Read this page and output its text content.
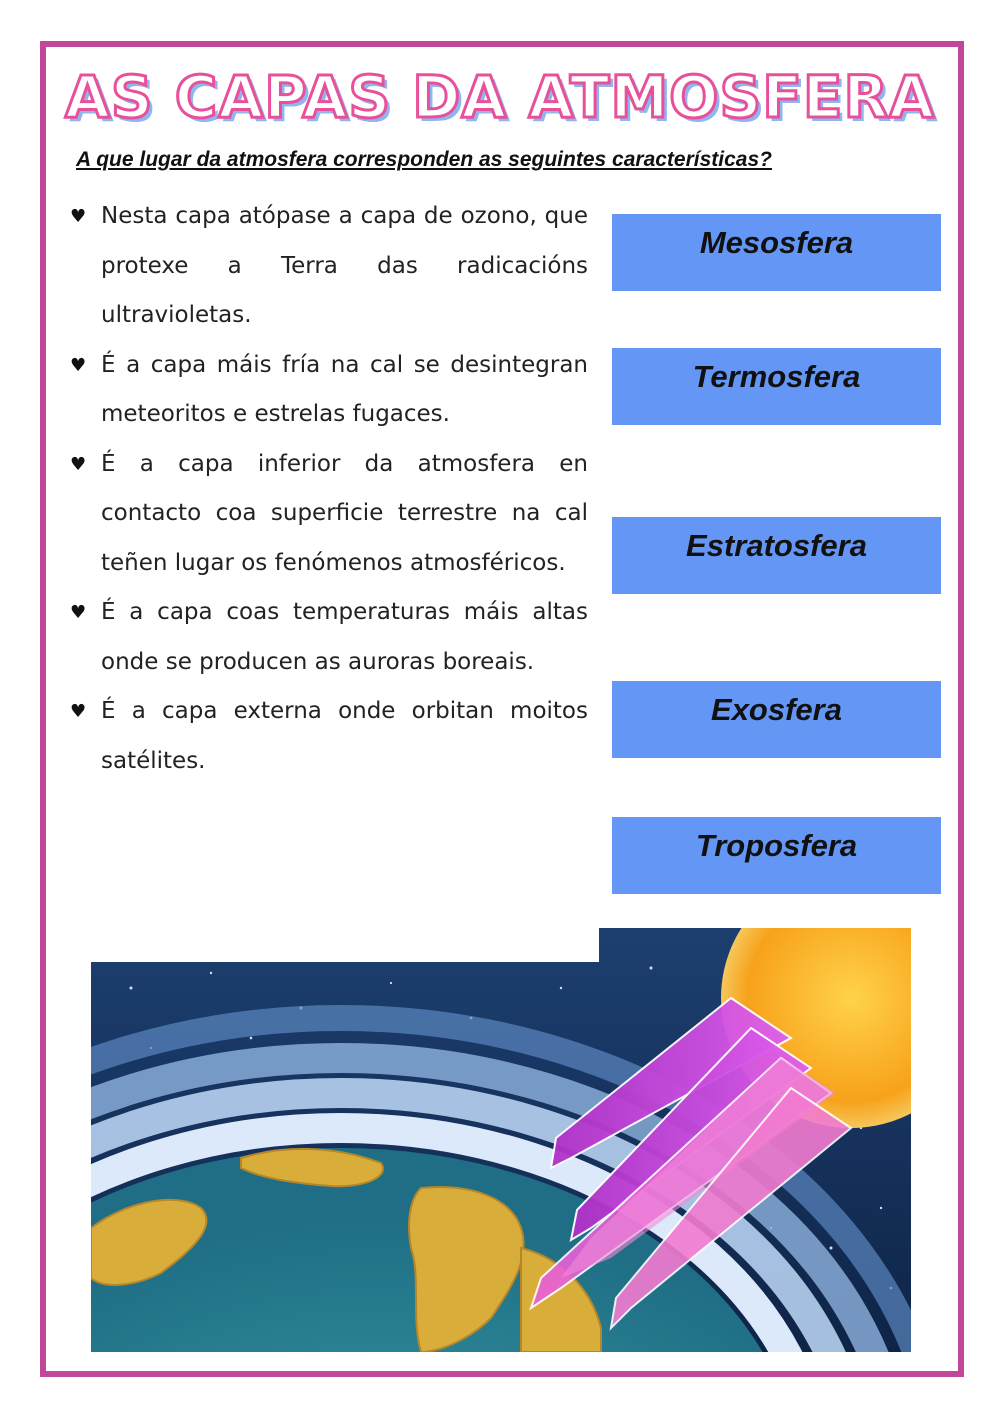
AS CAPAS DA ATMOSFERA
A que lugar da atmosfera corresponden as seguintes características?
♥ Nesta capa atópase a capa de ozono, que protexe a Terra das radicacións ultravioletas.
♥ É a capa máis fría na cal se desintegran meteoritos e estrelas fugaces.
♥ É a capa inferior da atmosfera en contacto coa superficie terrestre na cal teñen lugar os fenómenos atmosféricos.
♥ É a capa coas temperaturas máis altas onde se producen as auroras boreais.
♥ É a capa externa onde orbitan moitos satélites.
Mesosfera
Termosfera
Estratosfera
Exosfera
Troposfera
